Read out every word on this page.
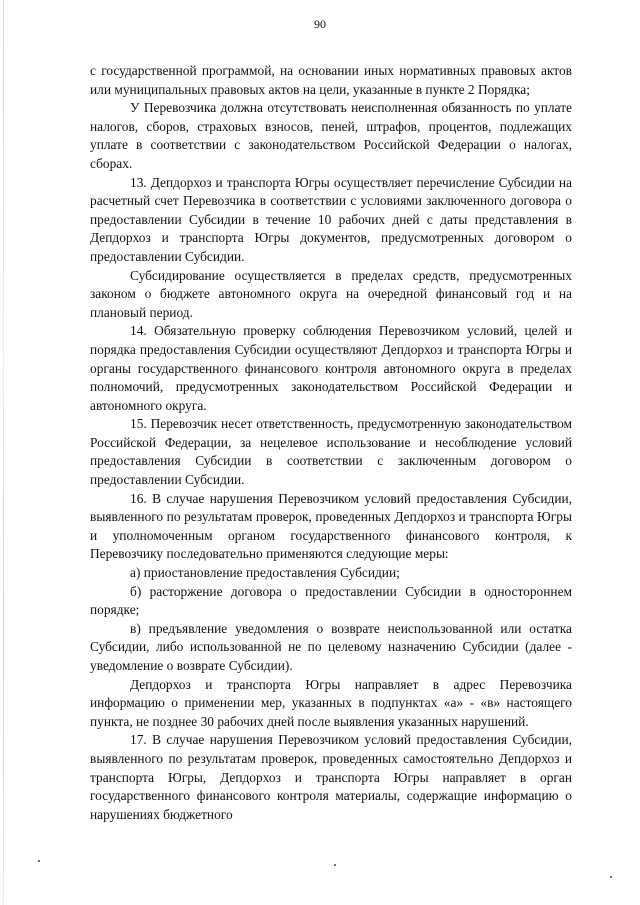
90

с государственной программой, на основании иных нормативных правовых актов или муниципальных правовых актов на цели, указанные в пункте 2 Порядка;

У Перевозчика должна отсутствовать неисполненная обязанность по уплате налогов, сборов, страховых взносов, пеней, штрафов, процентов, подлежащих уплате в соответствии с законодательством Российской Федерации о налогах, сборах.

13. Депдорхоз и транспорта Югры осуществляет перечисление Субсидии на расчетный счет Перевозчика в соответствии с условиями заключенного договора о предоставлении Субсидии в течение 10 рабочих дней с даты представления в Депдорхоз и транспорта Югры документов, предусмотренных договором о предоставлении Субсидии.

Субсидирование осуществляется в пределах средств, предусмотренных законом о бюджете автономного округа на очередной финансовый год и на плановый период.

14. Обязательную проверку соблюдения Перевозчиком условий, целей и порядка предоставления Субсидии осуществляют Депдорхоз и транспорта Югры и органы государственного финансового контроля автономного округа в пределах полномочий, предусмотренных законодательством Российской Федерации и автономного округа.

15. Перевозчик несет ответственность, предусмотренную законодательством Российской Федерации, за нецелевое использование и несоблюдение условий предоставления Субсидии в соответствии с заключенным договором о предоставлении Субсидии.

16. В случае нарушения Перевозчиком условий предоставления Субсидии, выявленного по результатам проверок, проведенных Депдорхоз и транспорта Югры и уполномоченным органом государственного финансового контроля, к Перевозчику последовательно применяются следующие меры:

а) приостановление предоставления Субсидии;

б) расторжение договора о предоставлении Субсидии в одностороннем порядке;

в) предъявление уведомления о возврате неиспользованной или остатка Субсидии, либо использованной не по целевому назначению Субсидии (далее - уведомление о возврате Субсидии).

Депдорхоз и транспорта Югры направляет в адрес Перевозчика информацию о применении мер, указанных в подпунктах «а» - «в» настоящего пункта, не позднее 30 рабочих дней после выявления указанных нарушений.

17. В случае нарушения Перевозчиком условий предоставления Субсидии, выявленного по результатам проверок, проведенных самостоятельно Депдорхоз и транспорта Югры, Депдорхоз и транспорта Югры направляет в орган государственного финансового контроля материалы, содержащие информацию о нарушениях бюджетного
